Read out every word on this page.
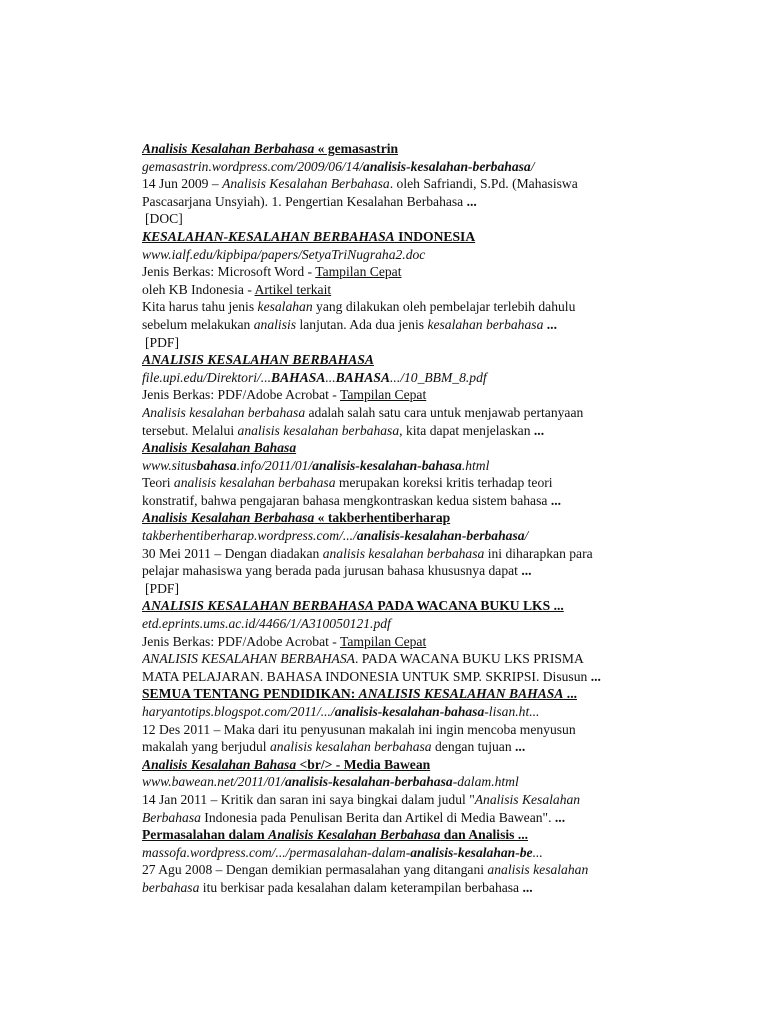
Analisis Kesalahan Berbahasa « gemasastrin
gemasastrin.wordpress.com/2009/06/14/analisis-kesalahan-berbahasa/
14 Jun 2009 – Analisis Kesalahan Berbahasa. oleh Safriandi, S.Pd. (Mahasiswa
Pascasarjana Unsyiah). 1. Pengertian Kesalahan Berbahasa ...
[DOC]
KESALAHAN-KESALAHAN BERBAHASA INDONESIA
www.ialf.edu/kipbipa/papers/SetyaTriNugraha2.doc
Jenis Berkas: Microsoft Word - Tampilan Cepat
oleh KB Indonesia - Artikel terkait
Kita harus tahu jenis kesalahan yang dilakukan oleh pembelajar terlebih dahulu
sebelum melakukan analisis lanjutan. Ada dua jenis kesalahan berbahasa ...
[PDF]
ANALISIS KESALAHAN BERBAHASA
file.upi.edu/Direktori/...BAHASA...BAHASA.../10_BBM_8.pdf
Jenis Berkas: PDF/Adobe Acrobat - Tampilan Cepat
Analisis kesalahan berbahasa adalah salah satu cara untuk menjawab pertanyaan
tersebut. Melalui analisis kesalahan berbahasa, kita dapat menjelaskan ...
Analisis Kesalahan Bahasa
www.situsbahasa.info/2011/01/analisis-kesalahan-bahasa.html
Teori analisis kesalahan berbahasa merupakan koreksi kritis terhadap teori
konstratif, bahwa pengajaran bahasa mengkontraskan kedua sistem bahasa ...
Analisis Kesalahan Berbahasa « takberhentiberharap
takberhentiberharap.wordpress.com/.../analisis-kesalahan-berbahasa/
30 Mei 2011 – Dengan diadakan analisis kesalahan berbahasa ini diharapkan para
pelajar mahasiswa yang berada pada jurusan bahasa khususnya dapat ...
[PDF]
ANALISIS KESALAHAN BERBAHASA PADA WACANA BUKU LKS ...
etd.eprints.ums.ac.id/4466/1/A310050121.pdf
Jenis Berkas: PDF/Adobe Acrobat - Tampilan Cepat
ANALISIS KESALAHAN BERBAHASA. PADA WACANA BUKU LKS PRISMA
MATA PELAJARAN. BAHASA INDONESIA UNTUK SMP. SKRIPSI. Disusun ...
SEMUA TENTANG PENDIDIKAN: ANALISIS KESALAHAN BAHASA ...
haryantotips.blogspot.com/2011/.../analisis-kesalahan-bahasa-lisan.ht...
12 Des 2011 – Maka dari itu penyusunan makalah ini ingin mencoba menyusun
makalah yang berjudul analisis kesalahan berbahasa dengan tujuan ...
Analisis Kesalahan Bahasa <br/> - Media Bawean
www.bawean.net/2011/01/analisis-kesalahan-berbahasa-dalam.html
14 Jan 2011 – Kritik dan saran ini saya bingkai dalam judul "Analisis Kesalahan
Berbahasa Indonesia pada Penulisan Berita dan Artikel di Media Bawean". ...
Permasalahan dalam Analisis Kesalahan Berbahasa dan Analisis ...
massofa.wordpress.com/.../permasalahan-dalam-analisis-kesalahan-be...
27 Agu 2008 – Dengan demikian permasalahan yang ditangani analisis kesalahan
berbahasa itu berkisar pada kesalahan dalam keterampilan berbahasa ...
